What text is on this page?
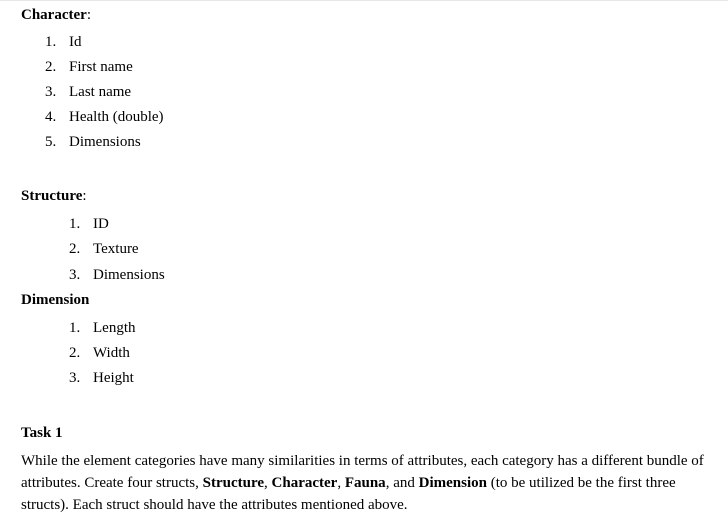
Character:
1. Id
2. First name
3. Last name
4. Health (double)
5. Dimensions
Structure:
1. ID
2. Texture
3. Dimensions
Dimension
1. Length
2. Width
3. Height
Task 1

While the element categories have many similarities in terms of attributes, each category has a different bundle of attributes. Create four structs, Structure, Character, Fauna, and Dimension (to be utilized be the first three structs). Each struct should have the attributes mentioned above.
